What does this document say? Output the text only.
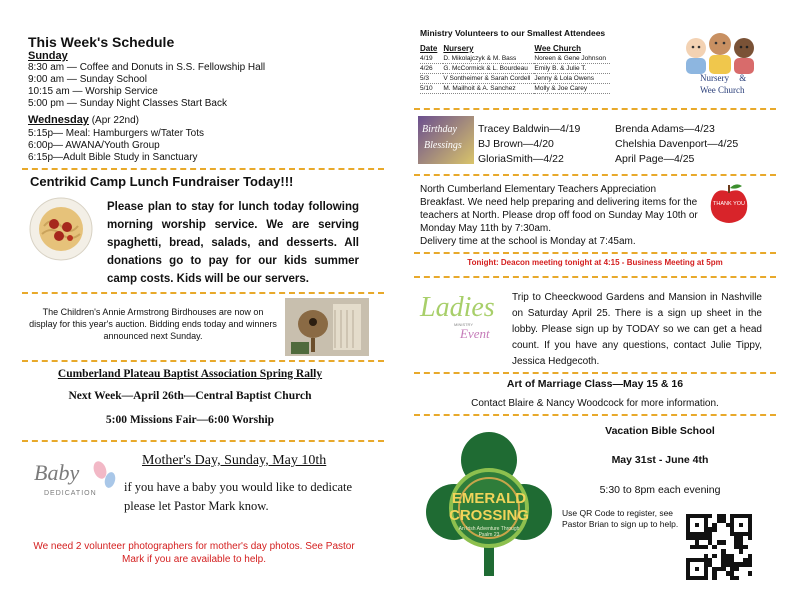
This Week's Schedule
Sunday
8:30 am — Coffee and Donuts in S.S. Fellowship Hall
9:00 am — Sunday School
10:15 am — Worship Service
5:00 pm — Sunday Night Classes Start Back
Wednesday (Apr 22nd)
5:15p— Meal: Hamburgers w/Tater Tots
6:00p— AWANA/Youth Group
6:15p—Adult Bible Study in Sanctuary
Centrikid Camp Lunch Fundraiser Today!!!
Please plan to stay for lunch today following morning worship service. We are serving spaghetti, bread, salads, and desserts. All donations go to pay for our kids summer camp costs. Kids will be our servers.
The Children's Annie Armstrong Birdhouses are now on display for this year's auction. Bidding ends today and winners announced next Sunday.
Cumberland Plateau Baptist Association Spring Rally
Next Week—April 26th—Central Baptist Church
5:00 Missions Fair—6:00 Worship
Baby
DEDICATION
Mother's Day, Sunday, May 10th
if you have a baby you would like to dedicate please let Pastor Mark know.
We need 2 volunteer photographers for mother's day photos. See Pastor Mark if you are available to help.
Ministry Volunteers to our Smallest Attendees
Date	Nursery	Wee Church
4/19	D. Mikolajczyk & M. Bass	Noreen & Gene Johnson
4/26	G. McCormick & L. Bourdeau	Emily B. & Julie T.
5/3	V Sontheimer & Sarah Cordell	Jenny & Lola Owens
5/10	M. Mailhoit & A. Sanchez	Molly & Joe Carey
Nursery &
Wee Church
Birthday
Blessings
Tracey Baldwin—4/19
BJ Brown—4/20
GloriaSmith—4/22
Brenda Adams—4/23
Chelshia Davenport—4/25
April Page—4/25
North Cumberland Elementary Teachers Appreciation Breakfast. We need help preparing and delivering items for the teachers at North. Please drop off food on Sunday May 10th or Monday May 11th by 7:30am.
Delivery time at the school is Monday at 7:45am.
THANK YOU
Tonight: Deacon meeting tonight at 4:15 - Business Meeting at 5pm
Ladies
MINISTRY
Event
Trip to Cheeckwood Gardens and Mansion in Nashville on Saturday April 25. There is a sign up sheet in the lobby. Please sign up by TODAY so we can get a head count. If you have any questions, contact Julie Tippy, Jessica Hedgecoth.
Art of Marriage Class—May 15 & 16
Contact Blaire & Nancy Woodcock for more information.
EMERALD
CROSSING
An Irish Adventure Through Psalm 23
Vacation Bible School
May 31st - June 4th
5:30 to 8pm each evening
Use QR Code to register, see Pastor Brian to sign up to help.
